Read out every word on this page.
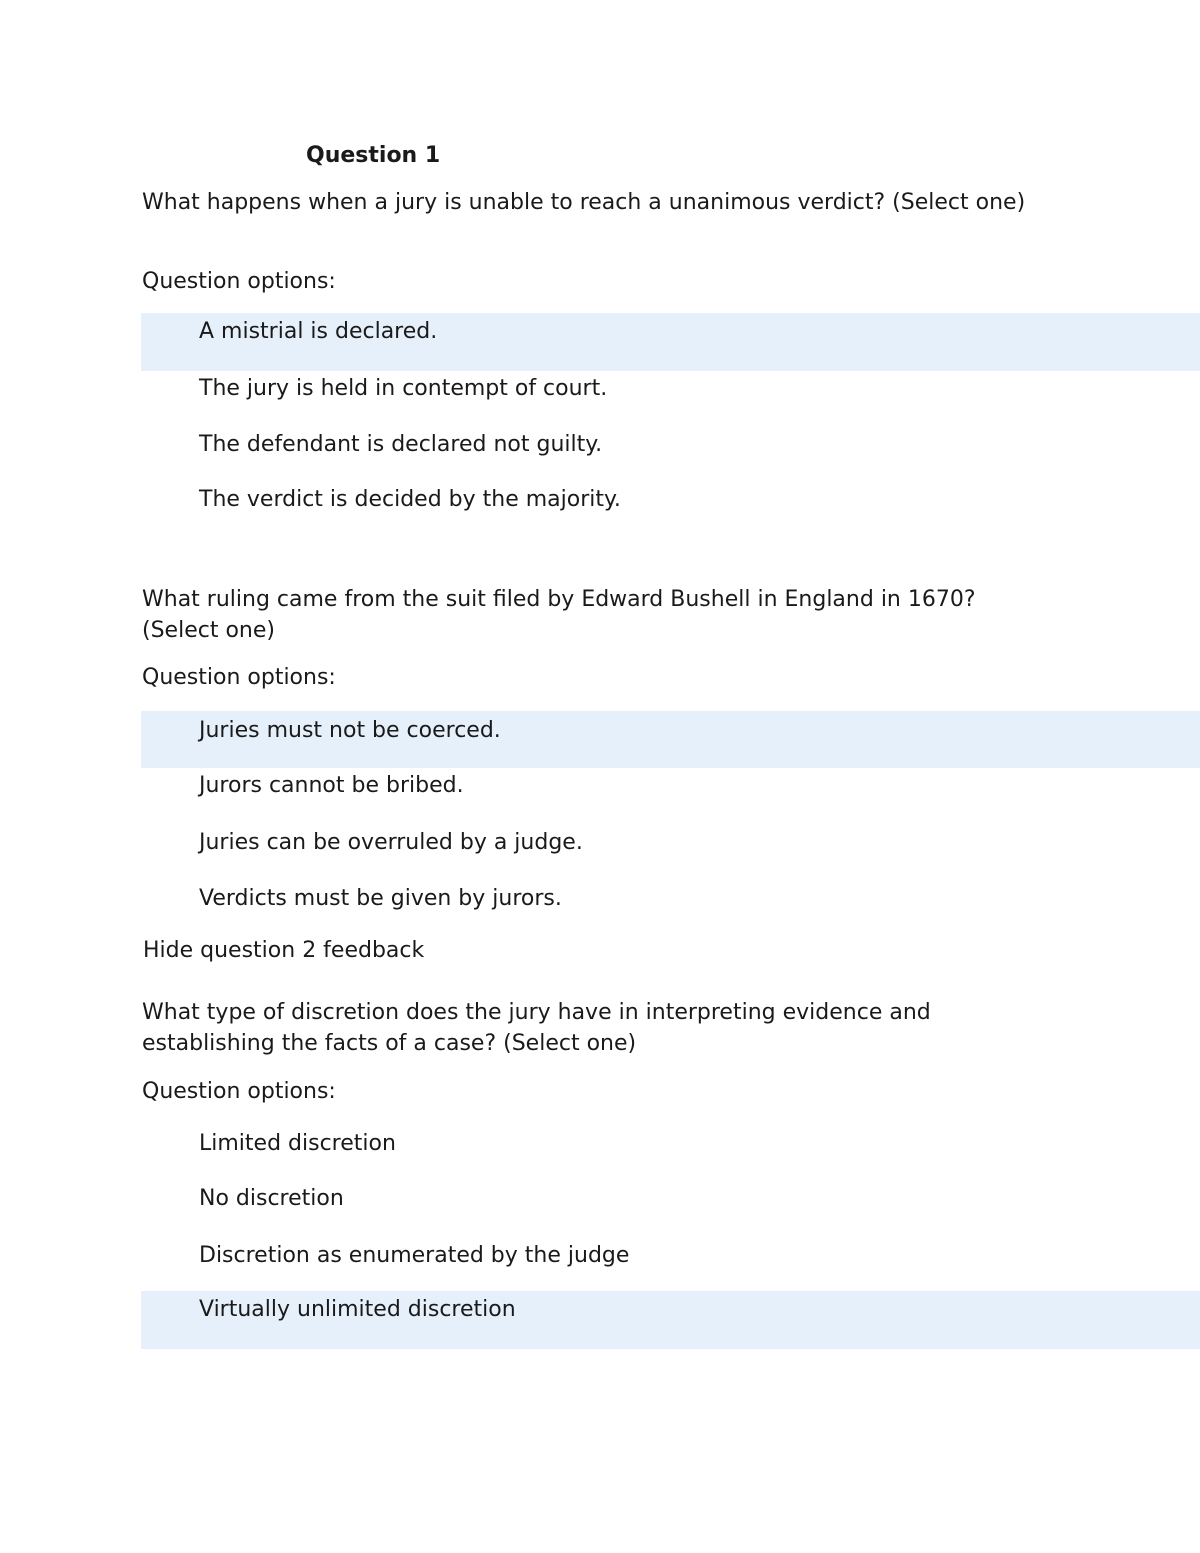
Question 1
What happens when a jury is unable to reach a unanimous verdict? (Select one)
Question options:
A mistrial is declared.
The jury is held in contempt of court.
The defendant is declared not guilty.
The verdict is decided by the majority.
What ruling came from the suit filed by Edward Bushell in England in 1670? (Select one)
Question options:
Juries must not be coerced.
Jurors cannot be bribed.
Juries can be overruled by a judge.
Verdicts must be given by jurors.
Hide question 2 feedback
What type of discretion does the jury have in interpreting evidence and establishing the facts of a case? (Select one)
Question options:
Limited discretion
No discretion
Discretion as enumerated by the judge
Virtually unlimited discretion
